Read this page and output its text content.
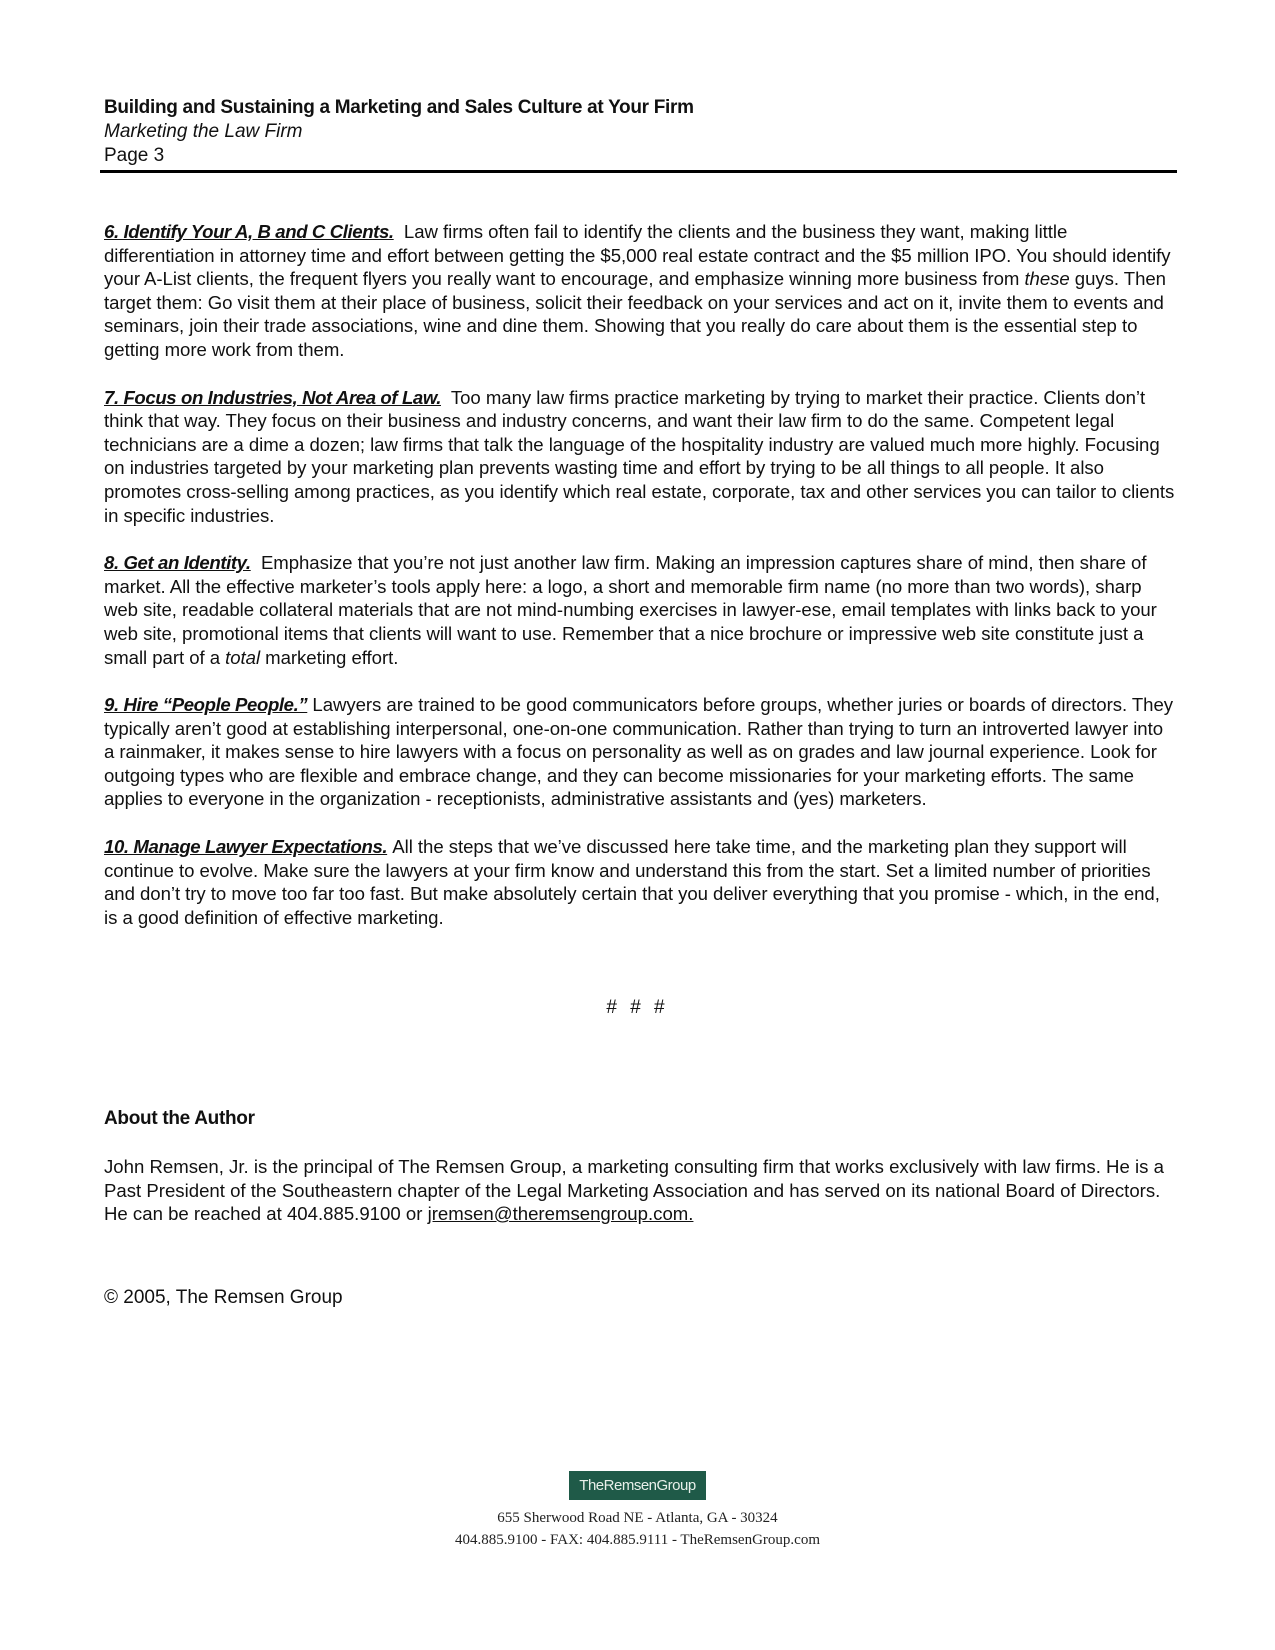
Building and Sustaining a Marketing and Sales Culture at Your Firm
Marketing the Law Firm
Page 3

6. Identify Your A, B and C Clients. Law firms often fail to identify the clients and the business they want, making little differentiation in attorney time and effort between getting the $5,000 real estate contract and the $5 million IPO. You should identify your A-List clients, the frequent flyers you really want to encourage, and emphasize winning more business from these guys. Then target them: Go visit them at their place of business, solicit their feedback on your services and act on it, invite them to events and seminars, join their trade associations, wine and dine them. Showing that you really do care about them is the essential step to getting more work from them.

7. Focus on Industries, Not Area of Law. Too many law firms practice marketing by trying to market their practice. Clients don’t think that way. They focus on their business and industry concerns, and want their law firm to do the same. Competent legal technicians are a dime a dozen; law firms that talk the language of the hospitality industry are valued much more highly. Focusing on industries targeted by your marketing plan prevents wasting time and effort by trying to be all things to all people. It also promotes cross-selling among practices, as you identify which real estate, corporate, tax and other services you can tailor to clients in specific industries.

8. Get an Identity. Emphasize that you’re not just another law firm. Making an impression captures share of mind, then share of market. All the effective marketer’s tools apply here: a logo, a short and memorable firm name (no more than two words), sharp web site, readable collateral materials that are not mind-numbing exercises in lawyer-ese, email templates with links back to your web site, promotional items that clients will want to use. Remember that a nice brochure or impressive web site constitute just a small part of a total marketing effort.

9. Hire “People People.” Lawyers are trained to be good communicators before groups, whether juries or boards of directors. They typically aren’t good at establishing interpersonal, one-on-one communication. Rather than trying to turn an introverted lawyer into a rainmaker, it makes sense to hire lawyers with a focus on personality as well as on grades and law journal experience. Look for outgoing types who are flexible and embrace change, and they can become missionaries for your marketing efforts. The same applies to everyone in the organization - receptionists, administrative assistants and (yes) marketers.

10. Manage Lawyer Expectations. All the steps that we’ve discussed here take time, and the marketing plan they support will continue to evolve. Make sure the lawyers at your firm know and understand this from the start. Set a limited number of priorities and don’t try to move too far too fast. But make absolutely certain that you deliver everything that you promise - which, in the end, is a good definition of effective marketing.

# # #
About the Author
John Remsen, Jr. is the principal of The Remsen Group, a marketing consulting firm that works exclusively with law firms. He is a Past President of the Southeastern chapter of the Legal Marketing Association and has served on its national Board of Directors. He can be reached at 404.885.9100 or jremsen@theremsengroup.com.
© 2005, The Remsen Group
TheRemsenGroup
655 Sherwood Road NE - Atlanta, GA - 30324
404.885.9100 - FAX: 404.885.9111 - TheRemsenGroup.com
